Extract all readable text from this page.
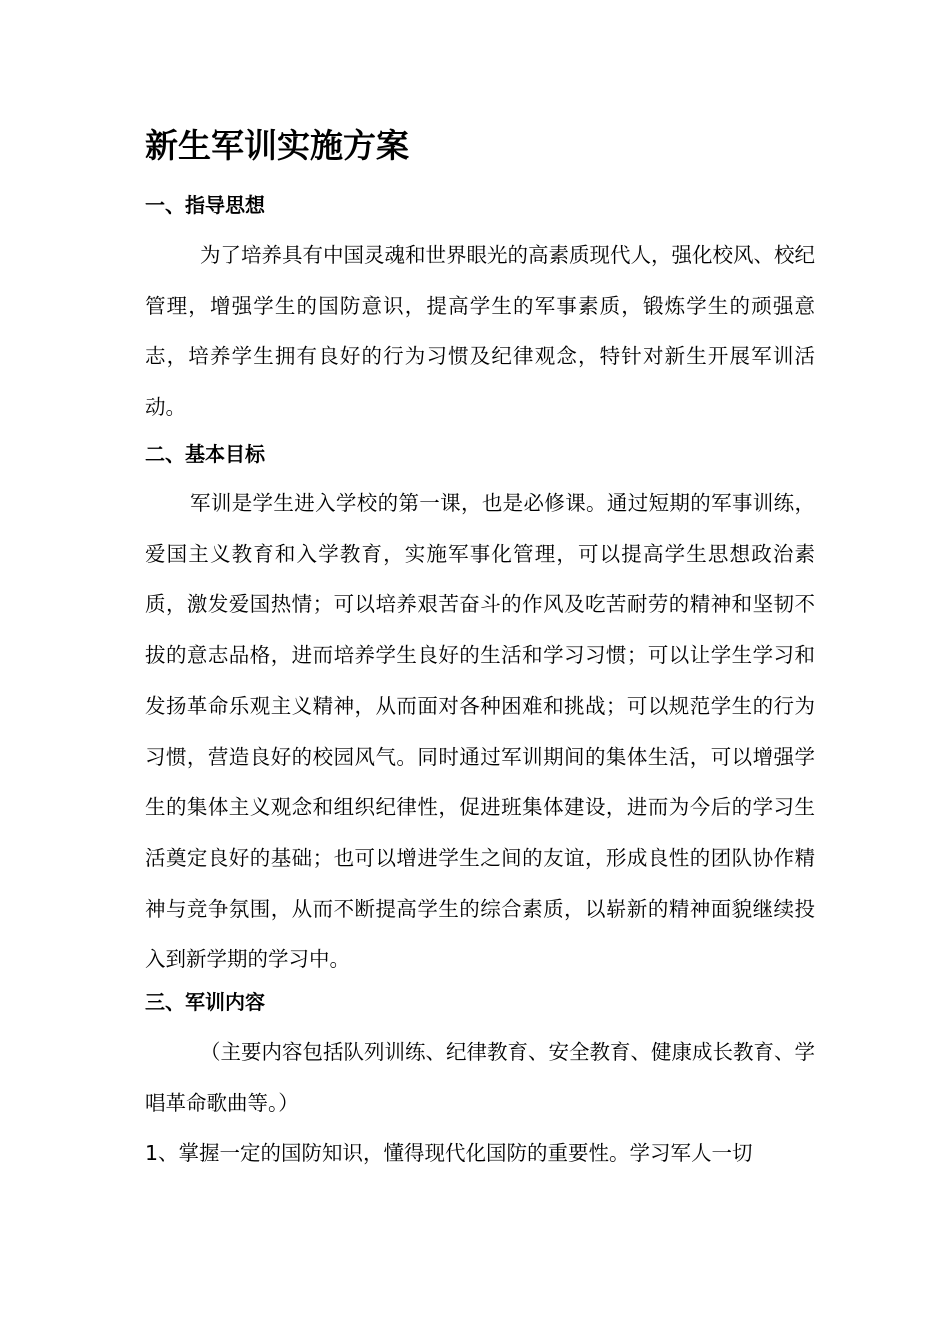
新生军训实施方案
一、指导思想
为了培养具有中国灵魂和世界眼光的高素质现代人，强化校风、校纪管理，增强学生的国防意识，提高学生的军事素质，锻炼学生的顽强意志，培养学生拥有良好的行为习惯及纪律观念，特针对新生开展军训活动。
二、基本目标
军训是学生进入学校的第一课，也是必修课。通过短期的军事训练，爱国主义教育和入学教育，实施军事化管理，可以提高学生思想政治素质，激发爱国热情；可以培养艰苦奋斗的作风及吃苦耐劳的精神和坚韧不拔的意志品格，进而培养学生良好的生活和学习习惯；可以让学生学习和发扬革命乐观主义精神，从而面对各种困难和挑战；可以规范学生的行为习惯，营造良好的校园风气。同时通过军训期间的集体生活，可以增强学生的集体主义观念和组织纪律性，促进班集体建设，进而为今后的学习生活奠定良好的基础；也可以增进学生之间的友谊，形成良性的团队协作精神与竞争氛围，从而不断提高学生的综合素质，以崭新的精神面貌继续投入到新学期的学习中。
三、军训内容
（主要内容包括队列训练、纪律教育、安全教育、健康成长教育、学唱革命歌曲等。）
1、掌握一定的国防知识，懂得现代化国防的重要性。学习军人一切
